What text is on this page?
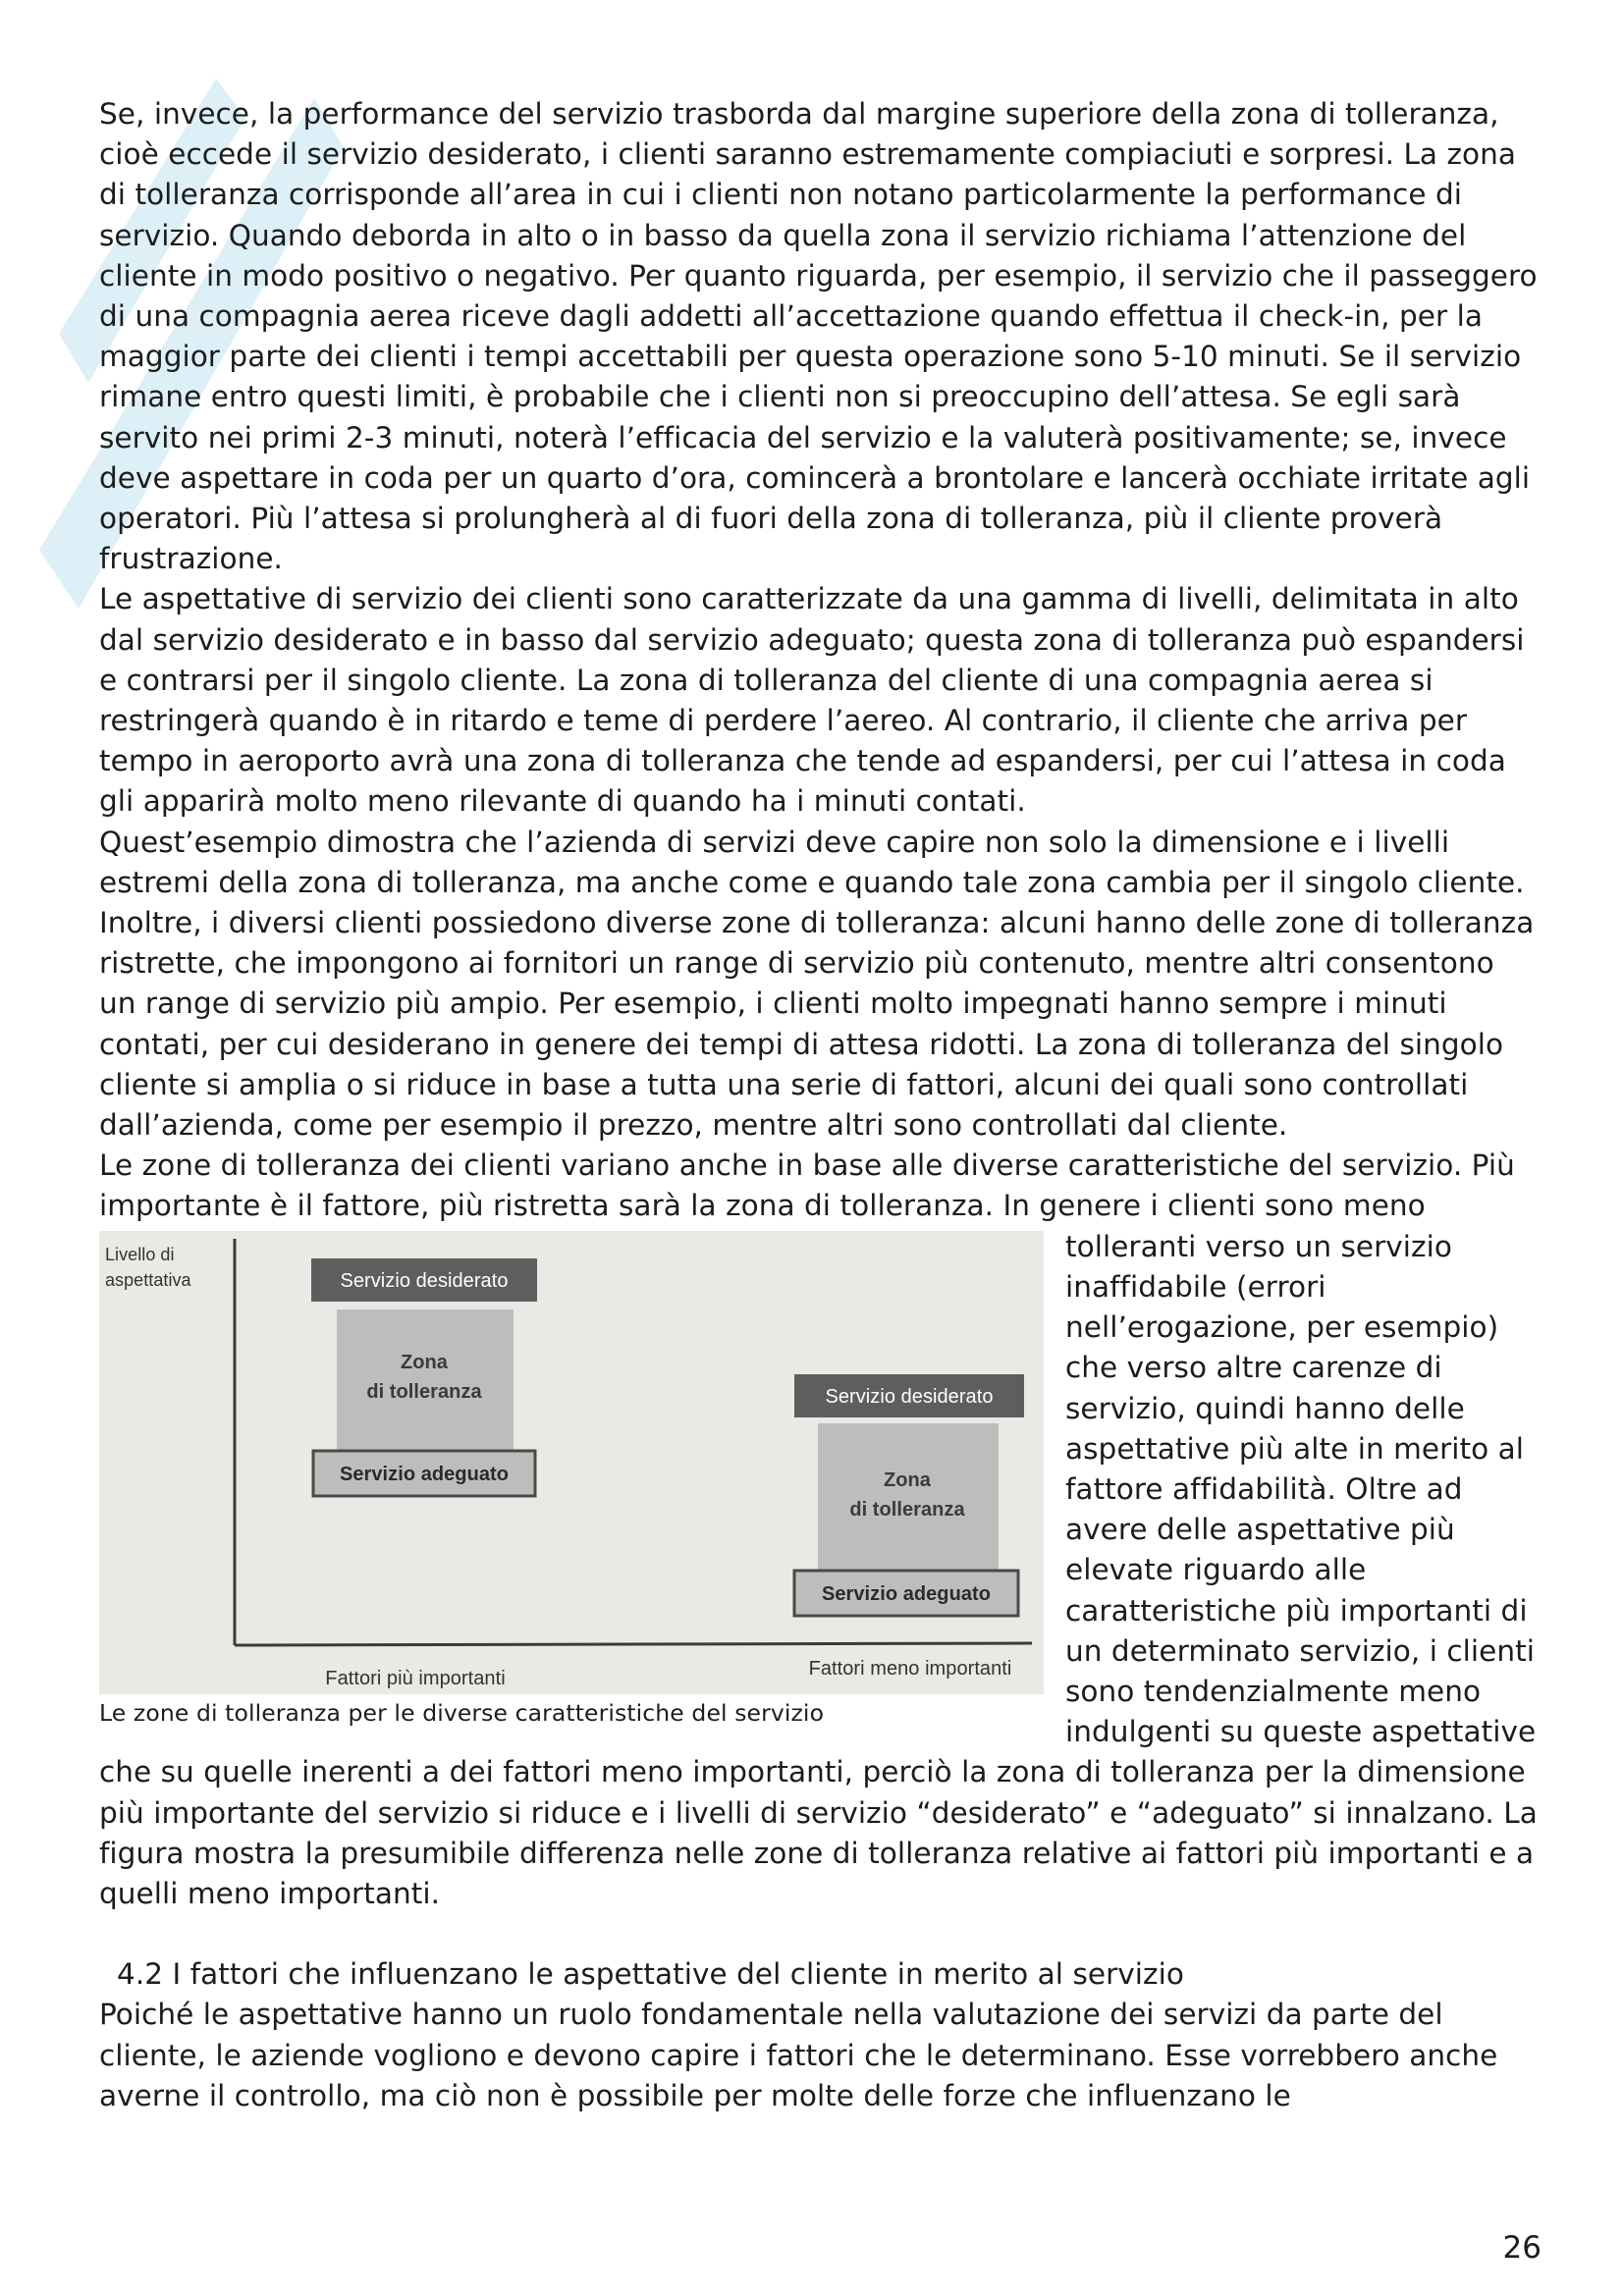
Se, invece, la performance del servizio trasborda dal margine superiore della zona di tolleranza, cioè eccede il servizio desiderato, i clienti saranno estremamente compiaciuti e sorpresi. La zona di tolleranza corrisponde all’area in cui i clienti non notano particolarmente la performance di servizio. Quando deborda in alto o in basso da quella zona il servizio richiama l’attenzione del cliente in modo positivo o negativo. Per quanto riguarda, per esempio, il servizio che il passeggero di una compagnia aerea riceve dagli addetti all’accettazione quando effettua il check-in, per la maggior parte dei clienti i tempi accettabili per questa operazione sono 5-10 minuti. Se il servizio rimane entro questi limiti, è probabile che i clienti non si preoccupino dell’attesa. Se egli sarà servito nei primi 2-3 minuti, noterà l’efficacia del servizio e la valuterà positivamente; se, invece deve aspettare in coda per un quarto d’ora, comincerà a brontolare e lancerà occhiate irritate agli operatori. Più l’attesa si prolungherà al di fuori della zona di tolleranza, più il cliente proverà frustrazione.

Le aspettative di servizio dei clienti sono caratterizzate da una gamma di livelli, delimitata in alto dal servizio desiderato e in basso dal servizio adeguato; questa zona di tolleranza può espandersi e contrarsi per il singolo cliente. La zona di tolleranza del cliente di una compagnia aerea si restringerà quando è in ritardo e teme di perdere l’aereo. Al contrario, il cliente che arriva per tempo in aeroporto avrà una zona di tolleranza che tende ad espandersi, per cui l’attesa in coda gli apparirà molto meno rilevante di quando ha i minuti contati.

Quest’esempio dimostra che l’azienda di servizi deve capire non solo la dimensione e i livelli estremi della zona di tolleranza, ma anche come e quando tale zona cambia per il singolo cliente.

Inoltre, i diversi clienti possiedono diverse zone di tolleranza: alcuni hanno delle zone di tolleranza ristrette, che impongono ai fornitori un range di servizio più contenuto, mentre altri consentono un range di servizio più ampio. Per esempio, i clienti molto impegnati hanno sempre i minuti contati, per cui desiderano in genere dei tempi di attesa ridotti. La zona di tolleranza del singolo cliente si amplia o si riduce in base a tutta una serie di fattori, alcuni dei quali sono controllati dall’azienda, come per esempio il prezzo, mentre altri sono controllati dal cliente.

Le zone di tolleranza dei clienti variano anche in base alle diverse caratteristiche del servizio. Più importante è il fattore, più ristretta sarà la zona di tolleranza. In genere i clienti sono meno

Livello di
aspettativa	Servizio desiderato
Zona
di tolleranza
Servizio adeguato
Fattori più importanti
Servizio desiderato
Zona
di tolleranza
Servizio adeguato
Fattori meno importanti
Le zone di tolleranza per le diverse caratteristiche del servizio

tolleranti verso un servizio inaffidabile (errori nell’erogazione, per esempio) che verso altre carenze di servizio, quindi hanno delle aspettative più alte in merito al fattore affidabilità. Oltre ad avere delle aspettative più elevate riguardo alle caratteristiche più importanti di un determinato servizio, i clienti sono tendenzialmente meno indulgenti su queste aspettative che su quelle inerenti a dei fattori meno importanti, perciò la zona di tolleranza per la dimensione più importante del servizio si riduce e i livelli di servizio “desiderato” e “adeguato” si innalzano. La figura mostra la presumibile differenza nelle zone di tolleranza relative ai fattori più importanti e a quelli meno importanti.

4.2 I fattori che influenzano le aspettative del cliente in merito al servizio

Poiché le aspettative hanno un ruolo fondamentale nella valutazione dei servizi da parte del cliente, le aziende vogliono e devono capire i fattori che le determinano. Esse vorrebbero anche averne il controllo, ma ciò non è possibile per molte delle forze che influenzano le

26
